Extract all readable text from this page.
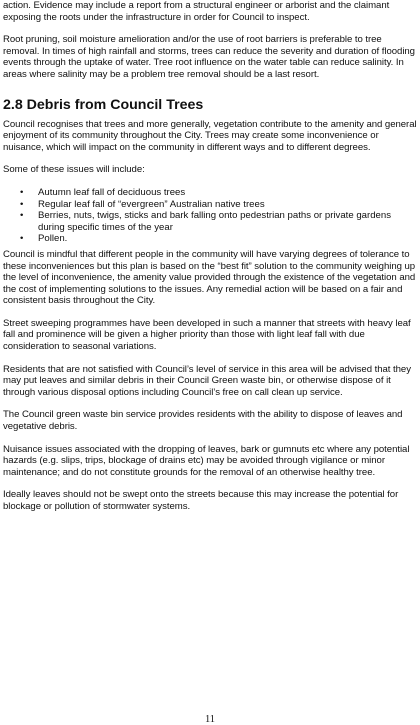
action. Evidence may include a report from a structural engineer or arborist and the claimant exposing the roots under the infrastructure in order for Council to inspect.

Root pruning, soil moisture amelioration and/or the use of root barriers is preferable to tree removal. In times of high rainfall and storms, trees can reduce the severity and duration of flooding events through the uptake of water. Tree root influence on the water table can reduce salinity. In areas where salinity may be a problem tree removal should be a last resort.

2.8 Debris from Council Trees

Council recognises that trees and more generally, vegetation contribute to the amenity and general enjoyment of its community throughout the City. Trees may create some inconvenience or nuisance, which will impact on the community in different ways and to different degrees.

Some of these issues will include:

• Autumn leaf fall of deciduous trees
• Regular leaf fall of “evergreen” Australian native trees
• Berries, nuts, twigs, sticks and bark falling onto pedestrian paths or private gardens during specific times of the year
• Pollen.

Council is mindful that different people in the community will have varying degrees of tolerance to these inconveniences but this plan is based on the “best fit” solution to the community weighing up the level of inconvenience, the amenity value provided through the existence of the vegetation and the cost of implementing solutions to the issues. Any remedial action will be based on a fair and consistent basis throughout the City.

Street sweeping programmes have been developed in such a manner that streets with heavy leaf fall and prominence will be given a higher priority than those with light leaf fall with due consideration to seasonal variations.

Residents that are not satisfied with Council’s level of service in this area will be advised that they may put leaves and similar debris in their Council Green waste bin, or otherwise dispose of it through various disposal options including Council’s free on call clean up service.

The Council green waste bin service provides residents with the ability to dispose of leaves and vegetative debris.

Nuisance issues associated with the dropping of leaves, bark or gumnuts etc where any potential hazards (e.g. slips, trips, blockage of drains etc) may be avoided through vigilance or minor maintenance; and do not constitute grounds for the removal of an otherwise healthy tree.

Ideally leaves should not be swept onto the streets because this may increase the potential for blockage or pollution of stormwater systems.

11
